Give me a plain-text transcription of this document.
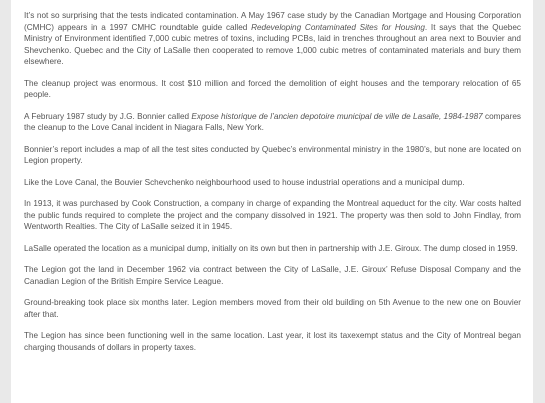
It’s not so surprising that the tests indicated contamination. A May 1967 case study by the Canadian Mortgage and Housing Corporation (CMHC) appears in a 1997 CMHC roundtable guide called Redeveloping Contaminated Sites for Housing. It says that the Quebec Ministry of Environment identified 7,000 cubic metres of toxins, including PCBs, laid in trenches throughout an area next to Bouvier and Shevchenko. Quebec and the City of LaSalle then cooperated to remove 1,000 cubic metres of contaminated materials and bury them elsewhere.

The cleanup project was enormous. It cost $10 million and forced the demolition of eight houses and the temporary relocation of 65 people.

A February 1987 study by J.G. Bonnier called Expose historique de l’ancien depotoire municipal de ville de Lasalle, 1984-1987 compares the cleanup to the Love Canal incident in Niagara Falls, New York.

Bonnier’s report includes a map of all the test sites conducted by Quebec’s environmental ministry in the 1980’s, but none are located on Legion property.

Like the Love Canal, the Bouvier Schevchenko neighbourhood used to house industrial operations and a municipal dump.

In 1913, it was purchased by Cook Construction, a company in charge of expanding the Montreal aqueduct for the city. War costs halted the public funds required to complete the project and the company dissolved in 1921. The property was then sold to John Findlay, from Wentworth Realties. The City of LaSalle seized it in 1945.

LaSalle operated the location as a municipal dump, initially on its own but then in partnership with J.E. Giroux. The dump closed in 1959.

The Legion got the land in December 1962 via contract between the City of LaSalle, J.E. Giroux’ Refuse Disposal Company and the Canadian Legion of the British Empire Service League.

Ground-breaking took place six months later. Legion members moved from their old building on 5th Avenue to the new one on Bouvier after that.

The Legion has since been functioning well in the same location. Last year, it lost its taxexempt status and the City of Montreal began charging thousands of dollars in property taxes.
